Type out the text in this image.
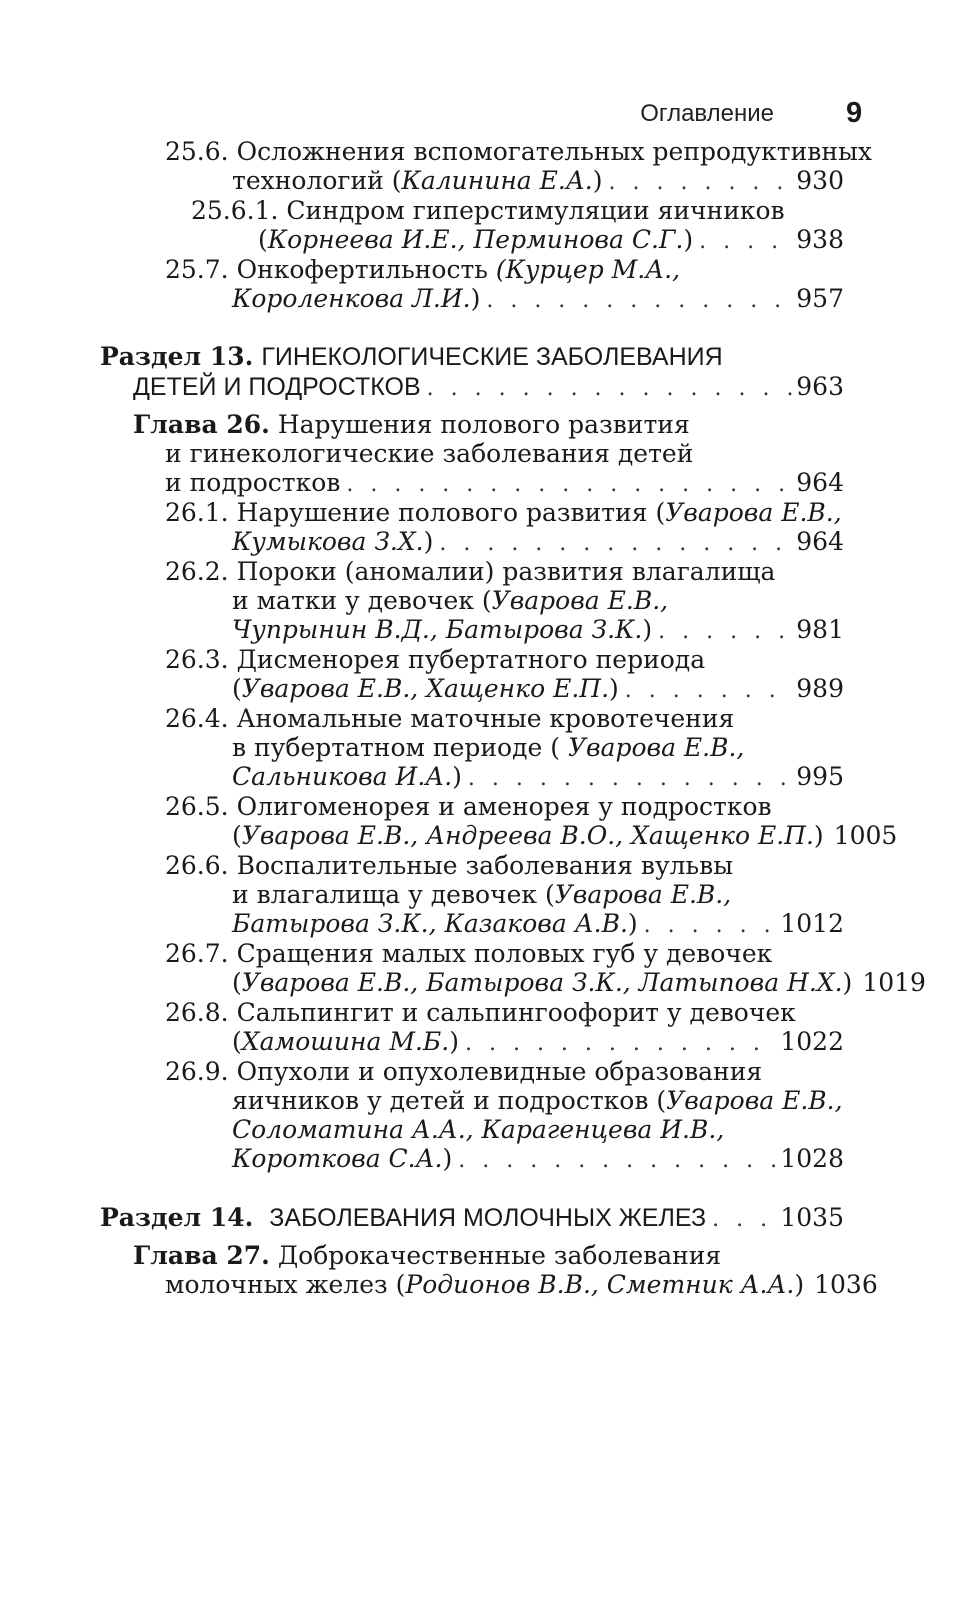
Оглавление 9
25.6. Осложнения вспомогательных репродуктивных
технологий (Калинина Е.А.) . . .	930
25.6.1. Синдром гиперстимуляции яичников
(Корнеева И.Е., Перминова С.Г.) . . .	938
25.7. Онкофертильность (Курцер М.А.,
Короленкова Л.И.) . . .	957
Раздел 13. ГИНЕКОЛОГИЧЕСКИЕ ЗАБОЛЕВАНИЯ
ДЕТЕЙ И ПОДРОСТКОВ . . .	963
Глава 26. Нарушения полового развития
и гинекологические заболевания детей
и подростков . . .	964
26.1. Нарушение полового развития (Уварова Е.В.,
Кумыкова З.Х.) . . .	964
26.2. Пороки (аномалии) развития влагалища
и матки у девочек (Уварова Е.В.,
Чупрынин В.Д., Батырова З.К.) . . .	981
26.3. Дисменорея пубертатного периода
(Уварова Е.В., Хащенко Е.П.) . . .	989
26.4. Аномальные маточные кровотечения
в пубертатном периоде ( Уварова Е.В.,
Сальникова И.А.) . . .	995
26.5. Олигоменорея и аменорея у подростков
(Уварова Е.В., Андреева В.О., Хащенко Е.П.) 1005
26.6. Воспалительные заболевания вульвы
и влагалища у девочек (Уварова Е.В.,
Батырова З.К., Казакова А.В.) . . .	1012
26.7. Сращения малых половых губ у девочек
(Уварова Е.В., Батырова З.К., Латыпова Н.Х.) 1019
26.8. Сальпингит и сальпингоофорит у девочек
(Хамошина М.Б.) . . .	1022
26.9. Опухоли и опухолевидные образования
яичников у детей и подростков (Уварова Е.В.,
Соломатина А.А., Карагенцева И.В.,
Короткова С.А.) . . .	1028
Раздел 14. ЗАБОЛЕВАНИЯ МОЛОЧНЫХ ЖЕЛЕЗ . . .	1035
Глава 27. Доброкачественные заболевания
молочных желез (Родионов В.В., Сметник А.А.) 1036
